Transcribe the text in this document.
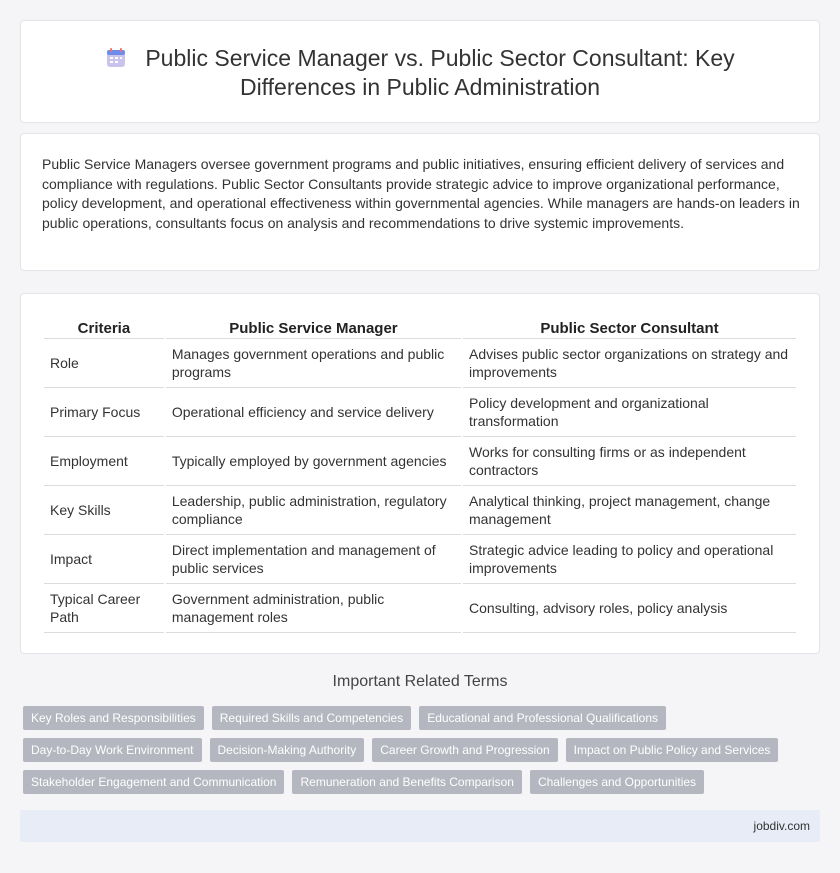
Public Service Manager vs. Public Sector Consultant: Key
Differences in Public Administration

Public Service Managers oversee government programs and public initiatives, ensuring efficient delivery of services and compliance with regulations. Public Sector Consultants provide strategic advice to improve organizational performance, policy development, and operational effectiveness within governmental agencies. While managers are hands-on leaders in public operations, consultants focus on analysis and recommendations to drive systemic improvements.

Criteria	Public Service Manager	Public Sector Consultant
Role	Manages government operations and public programs	Advises public sector organizations on strategy and improvements
Primary Focus	Operational efficiency and service delivery	Policy development and organizational transformation
Employment	Typically employed by government agencies	Works for consulting firms or as independent contractors
Key Skills	Leadership, public administration, regulatory compliance	Analytical thinking, project management, change management
Impact	Direct implementation and management of public services	Strategic advice leading to policy and operational improvements
Typical Career Path	Government administration, public management roles	Consulting, advisory roles, policy analysis
Important Related Terms
Key Roles and Responsibilities	Required Skills and Competencies	Educational and Professional Qualifications
Day-to-Day Work Environment	Decision-Making Authority	Career Growth and Progression	Impact on Public Policy and Services
Stakeholder Engagement and Communication	Remuneration and Benefits Comparison	Challenges and Opportunities
jobdiv.com
